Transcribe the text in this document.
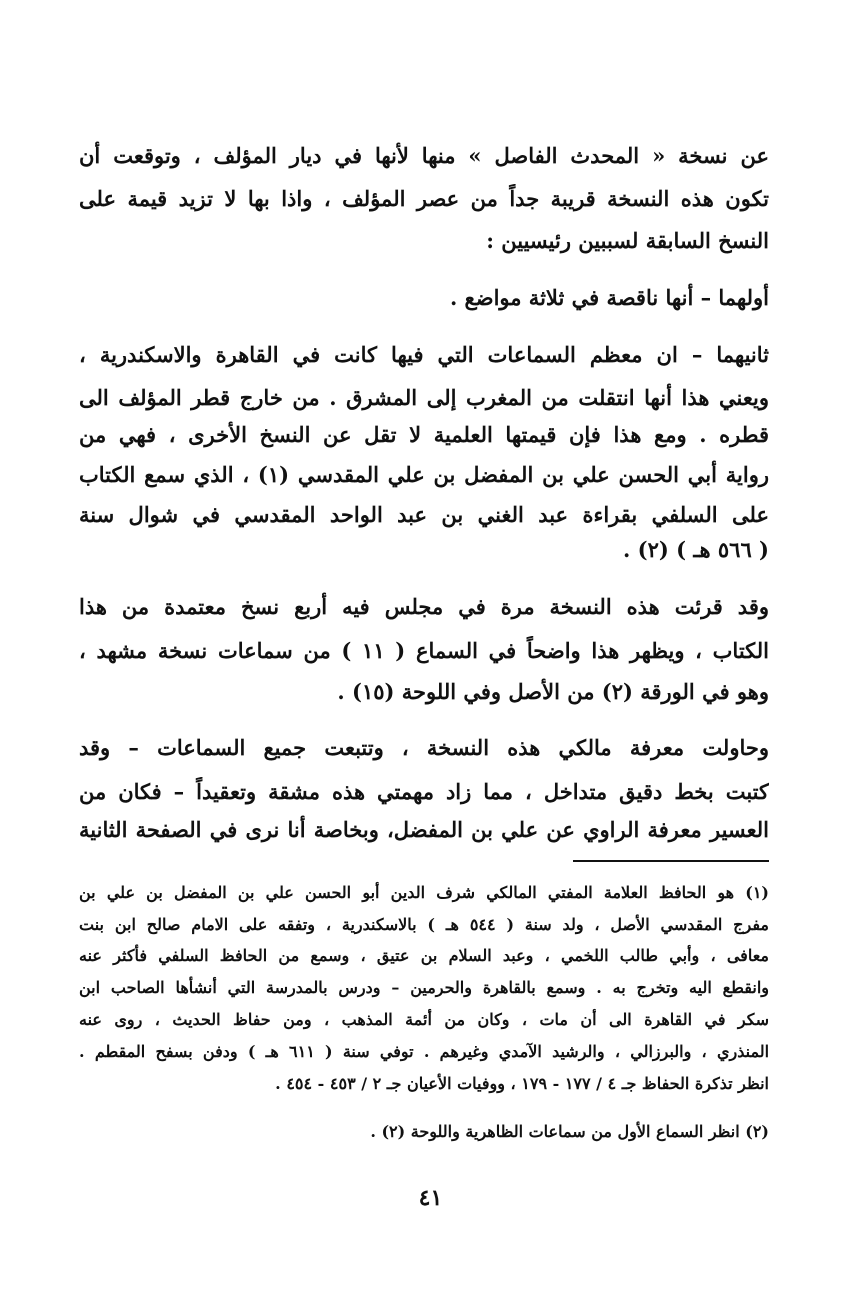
عن نسخة « المحدث الفاصل » منها لأنها في ديار المؤلف ، وتوقعت أن
تكون هذه النسخة قريبة جداً من عصر المؤلف ، واذا بها لا تزيد قيمة على
النسخ السابقة لسببين رئيسيين :
أولهما – أنها ناقصة في ثلاثة مواضع .
ثانيهما – ان معظم السماعات التي فيها كانت في القاهرة والاسكندرية ،
ويعني هذا أنها انتقلت من المغرب إلى المشرق . من خارج قطر المؤلف الى
قطره . ومع هذا فإن قيمتها العلمية لا تقل عن النسخ الأخرى ، فهي من
رواية أبي الحسن علي بن المفضل بن علي المقدسي (١) ، الذي سمع الكتاب
على السلفي بقراءة عبد الغني بن عبد الواحد المقدسي في شوال سنة
( ٥٦٦ هـ ) (٢) .
وقد قرئت هذه النسخة مرة في مجلس فيه أربع نسخ معتمدة من هذا
الكتاب ، ويظهر هذا واضحاً في السماع ( ١١ ) من سماعات نسخة مشهد ،
وهو في الورقة (٢) من الأصل وفي اللوحة (١٥) .
وحاولت معرفة مالكي هذه النسخة ، وتتبعت جميع السماعات – وقد
كتبت بخط دقيق متداخل ، مما زاد مهمتي هذه مشقة وتعقيداً – فكان من
العسير معرفة الراوي عن علي بن المفضل، وبخاصة أنا نرى في الصفحة الثانية
(١) هو الحافظ العلامة المفتي المالكي شرف الدين أبو الحسن علي بن المفضل بن علي بن
مفرج المقدسي الأصل ، ولد سنة ( ٥٤٤ هـ ) بالاسكندرية ، وتفقه على الامام صالح ابن بنت
معافى ، وأبي طالب اللخمي ، وعبد السلام بن عتيق ، وسمع من الحافظ السلفي فأكثر عنه
وانقطع اليه وتخرج به . وسمع بالقاهرة والحرمين – ودرس بالمدرسة التي أنشأها الصاحب ابن
سكر في القاهرة الى أن مات ، وكان من أئمة المذهب ، ومن حفاظ الحديث ، روى عنه
المنذري ، والبرزالي ، والرشيد الآمدي وغيرهم . توفي سنة ( ٦١١ هـ ) ودفن بسفح المقطم .
انظر تذكرة الحفاظ جـ ٤ / ١٧٧ - ١٧٩ ، ووفيات الأعيان جـ ٢ / ٤٥٣ - ٤٥٤ .
(٢) انظر السماع الأول من سماعات الظاهرية واللوحة (٢) .
٤١
